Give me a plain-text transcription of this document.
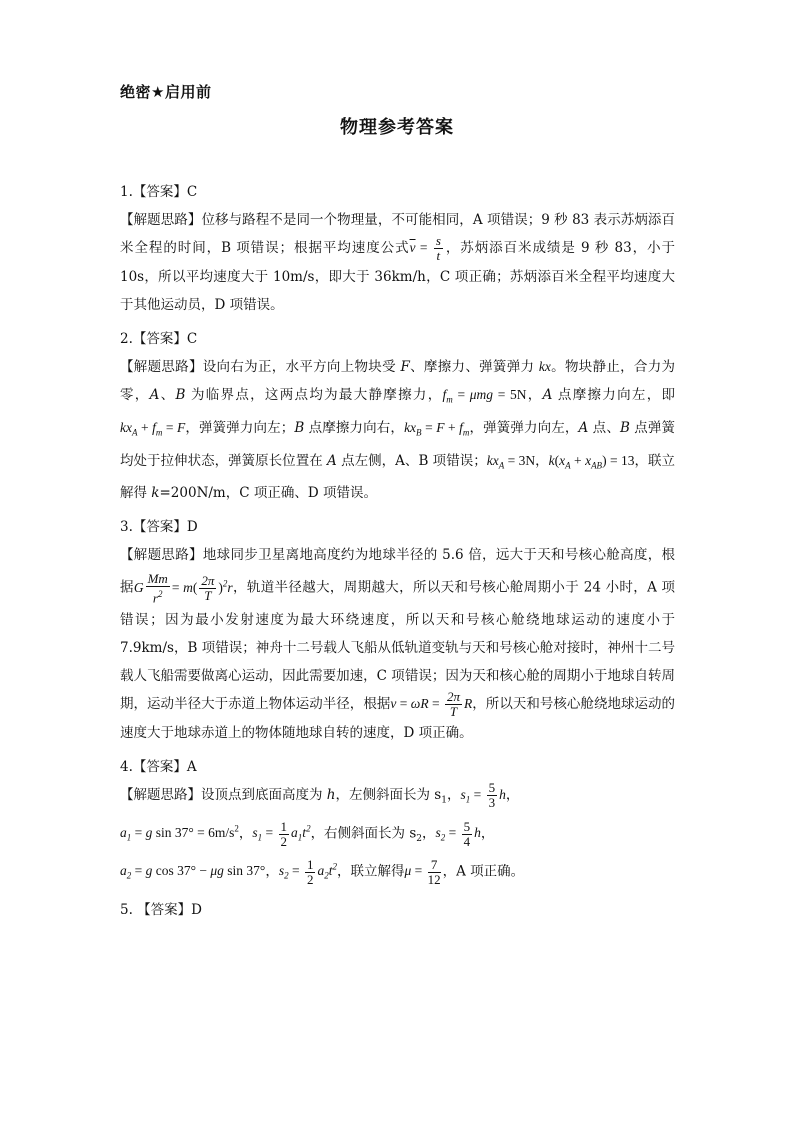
绝密★启用前
物理参考答案
1.【答案】C
【解题思路】位移与路程不是同一个物理量，不可能相同，A 项错误；9 秒 83 表示苏炳添百米全程的时间，B 项错误；根据平均速度公式$\overline{v} = \frac{s}{t}$ ，苏炳添百米成绩是 9 秒 83，小于 10s，所以平均速度大于 10m/s，即大于 36km/h，C 项正确；苏炳添百米全程平均速度大于其他运动员，D 项错误。
2.【答案】C
【解题思路】设向右为正，水平方向上物块受 F、摩擦力、弹簧弹力 kx。物块静止，合力为零，A、B 为临界点，这两点均为最大静摩擦力，$f_m = \mu mg = 5N$，A 点摩擦力向左，即$kx_A + f_m = F$，弹簧弹力向左；B 点摩擦力向右，$kx_B = F + f_m$，弹簧弹力向左，A 点、B 点弹簧均处于拉伸状态，弹簧原长位置在 A 点左侧，A、B 项错误；$kx_A = 3N$，$k(x_A + x_{AB}) = 13$，联立解得 k=200N/m，C 项正确、D 项错误。
3.【答案】D
【解题思路】地球同步卫星离地高度约为地球半径的 5.6 倍，远大于天和号核心舱高度，根据G $\frac{Mm}{r^2} = m( \frac{2\pi}{T} )^2r$，轨道半径越大，周期越大，所以天和号核心舱周期小于 24 小时，A 项错误；因为最小发射速度为最大环绕速度，所以天和号核心舱绕地球运动的速度小于 7.9km/s，B 项错误；神舟十二号载人飞船从低轨道变轨与天和号核心舱对接时，神州十二号载人飞船需要做离心运动，因此需要加速，C 项错误；因为天和核心舱的周期小于地球自转周期，运动半径大于赤道上物体运动半径，根据$v = \omega R = \frac{2\pi}{T}$ R，所以天和号核心舱绕地球运动的速度大于地球赤道上的物体随地球自转的速度，D 项正确。
4.【答案】A
【解题思路】设顶点到底面高度为 h，左侧斜面长为 $s_1$，$s_1 = \frac{5}{3}$ h，
$a_1 = g$ $\sin 37^\circ = 6m/s^2$，$s_1 = \frac{1}{2} a_1t^2$，右侧斜面长为 $s_2$，$s_2 = \frac{5}{4}$ h，
$a_2 = g$ cos 37° − μg sin 37°，$s_2 = \frac{1}{2} a_2t^2$，联立解得$\mu = \frac{7}{12}$ ，A 项正确。
5. 【答案】D
